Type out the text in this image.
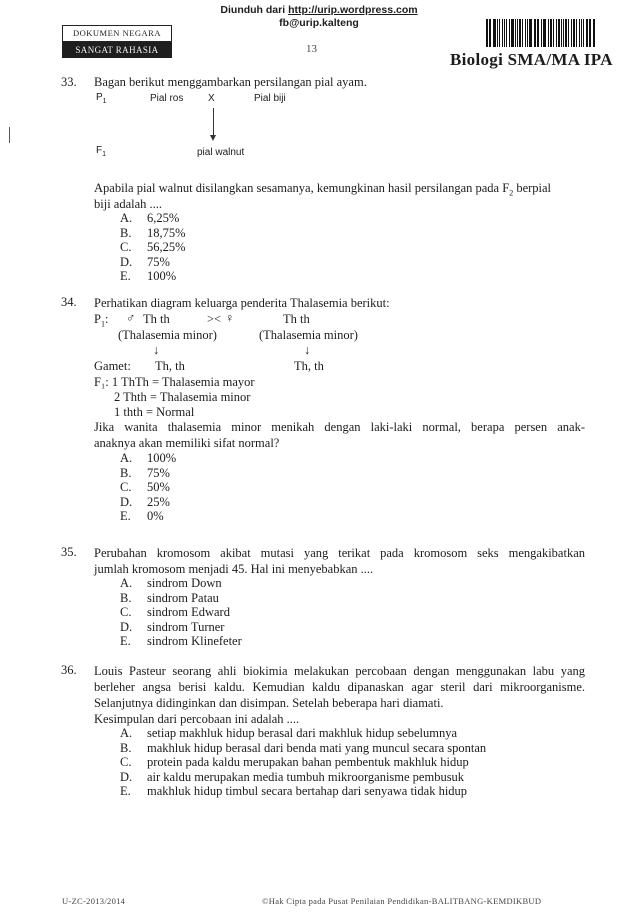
Diunduh dari http://urip.wordpress.com
fb@urip.kalteng
DOKUMEN NEGARA
SANGAT RAHASIA	13
Biologi SMA/MA IPA
33. Bagan berikut menggambarkan persilangan pial ayam.
$P_1$	Pial ros X	Pial biji
$F_1$	pial walnut
Apabila pial walnut disilangkan sesamanya, kemungkinan hasil persilangan pada $F_2$ berpial
biji adalah ....
A. 6,25%
B. 18,75%
C. 56,25%
D. 75%
E. 100%
34. Perhatikan diagram keluarga penderita Thalasemia berikut:
$P_1$: ♂ Th th	>< ♀	Th th
(Thalasemia minor)	(Thalasemia minor)
↓	↓
Gamet: Th, th	Th, th
F₁: 1 ThTh = Thalasemia mayor
2 Thth = Thalasemia minor
1 thth = Normal
Jika wanita thalasemia minor menikah dengan laki-laki normal, berapa persen anak-
anaknya akan memiliki sifat normal?
A. 100%
B. 75%
C. 50%
D. 25%
E. 0%
35. Perubahan kromosom akibat mutasi yang terikat pada kromosom seks mengakibatkan
jumlah kromosom menjadi 45. Hal ini menyebabkan ....
A. sindrom Down
B. sindrom Patau
C. sindrom Edward
D. sindrom Turner
E. sindrom Klinefeter
36. Louis Pasteur seorang ahli biokimia melakukan percobaan dengan menggunakan labu yang
berleher angsa berisi kaldu. Kemudian kaldu dipanaskan agar steril dari mikroorganisme.
Selanjutnya didinginkan dan disimpan. Setelah beberapa hari diamati.
Kesimpulan dari percobaan ini adalah ....
A. setiap makhluk hidup berasal dari makhluk hidup sebelumnya
B. makhluk hidup berasal dari benda mati yang muncul secara spontan
C. protein pada kaldu merupakan bahan pembentuk makhluk hidup
D. air kaldu merupakan media tumbuh mikroorganisme pembusuk
E. makhluk hidup timbul secara bertahap dari senyawa tidak hidup
U-ZC-2013/2014	©Hak Cipta pada Pusat Penilaian Pendidikan-BALITBANG-KEMDIKBUD
